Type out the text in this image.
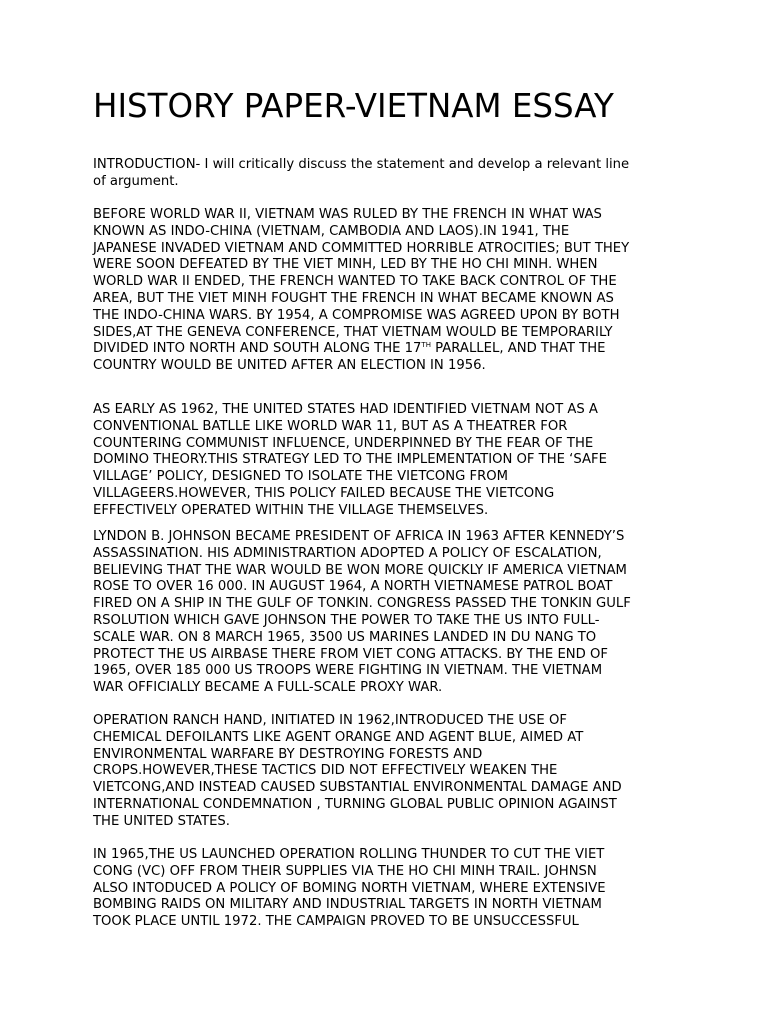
HISTORY PAPER-VIETNAM ESSAY

INTRODUCTION- I will critically discuss the statement and develop a relevant line
of argument.

BEFORE WORLD WAR II, VIETNAM WAS RULED BY THE FRENCH IN WHAT WAS
KNOWN AS INDO-CHINA (VIETNAM, CAMBODIA AND LAOS).IN 1941, THE
JAPANESE INVADED VIETNAM AND COMMITTED HORRIBLE ATROCITIES; BUT THEY
WERE SOON DEFEATED BY THE VIET MINH, LED BY THE HO CHI MINH. WHEN
WORLD WAR II ENDED, THE FRENCH WANTED TO TAKE BACK CONTROL OF THE
AREA, BUT THE VIET MINH FOUGHT THE FRENCH IN WHAT BECAME KNOWN AS
THE INDO-CHINA WARS. BY 1954, A COMPROMISE WAS AGREED UPON BY BOTH
SIDES,AT THE GENEVA CONFERENCE, THAT VIETNAM WOULD BE TEMPORARILY
DIVIDED INTO NORTH AND SOUTH ALONG THE 17TH PARALLEL, AND THAT THE
COUNTRY WOULD BE UNITED AFTER AN ELECTION IN 1956.

AS EARLY AS 1962, THE UNITED STATES HAD IDENTIFIED VIETNAM NOT AS A
CONVENTIONAL BATLLE LIKE WORLD WAR 11, BUT AS A THEATRER FOR
COUNTERING COMMUNIST INFLUENCE, UNDERPINNED BY THE FEAR OF THE
DOMINO THEORY.THIS STRATEGY LED TO THE IMPLEMENTATION OF THE ‘SAFE
VILLAGE’ POLICY, DESIGNED TO ISOLATE THE VIETCONG FROM
VILLAGEERS.HOWEVER, THIS POLICY FAILED BECAUSE THE VIETCONG
EFFECTIVELY OPERATED WITHIN THE VILLAGE THEMSELVES.

LYNDON B. JOHNSON BECAME PRESIDENT OF AFRICA IN 1963 AFTER KENNEDY’S
ASSASSINATION. HIS ADMINISTRARTION ADOPTED A POLICY OF ESCALATION,
BELIEVING THAT THE WAR WOULD BE WON MORE QUICKLY IF AMERICA VIETNAM
ROSE TO OVER 16 000. IN AUGUST 1964, A NORTH VIETNAMESE PATROL BOAT
FIRED ON A SHIP IN THE GULF OF TONKIN. CONGRESS PASSED THE TONKIN GULF
RSOLUTION WHICH GAVE JOHNSON THE POWER TO TAKE THE US INTO FULL-
SCALE WAR. ON 8 MARCH 1965, 3500 US MARINES LANDED IN DU NANG TO
PROTECT THE US AIRBASE THERE FROM VIET CONG ATTACKS. BY THE END OF
1965, OVER 185 000 US TROOPS WERE FIGHTING IN VIETNAM. THE VIETNAM
WAR OFFICIALLY BECAME A FULL-SCALE PROXY WAR.

OPERATION RANCH HAND, INITIATED IN 1962,INTRODUCED THE USE OF
CHEMICAL DEFOILANTS LIKE AGENT ORANGE AND AGENT BLUE, AIMED AT
ENVIRONMENTAL WARFARE BY DESTROYING FORESTS AND
CROPS.HOWEVER,THESE TACTICS DID NOT EFFECTIVELY WEAKEN THE
VIETCONG,AND INSTEAD CAUSED SUBSTANTIAL ENVIRONMENTAL DAMAGE AND
INTERNATIONAL CONDEMNATION , TURNING GLOBAL PUBLIC OPINION AGAINST
THE UNITED STATES.

IN 1965,THE US LAUNCHED OPERATION ROLLING THUNDER TO CUT THE VIET
CONG (VC) OFF FROM THEIR SUPPLIES VIA THE HO CHI MINH TRAIL. JOHNSN
ALSO INTODUCED A POLICY OF BOMING NORTH VIETNAM, WHERE EXTENSIVE
BOMBING RAIDS ON MILITARY AND INDUSTRIAL TARGETS IN NORTH VIETNAM
TOOK PLACE UNTIL 1972. THE CAMPAIGN PROVED TO BE UNSUCCESSFUL
